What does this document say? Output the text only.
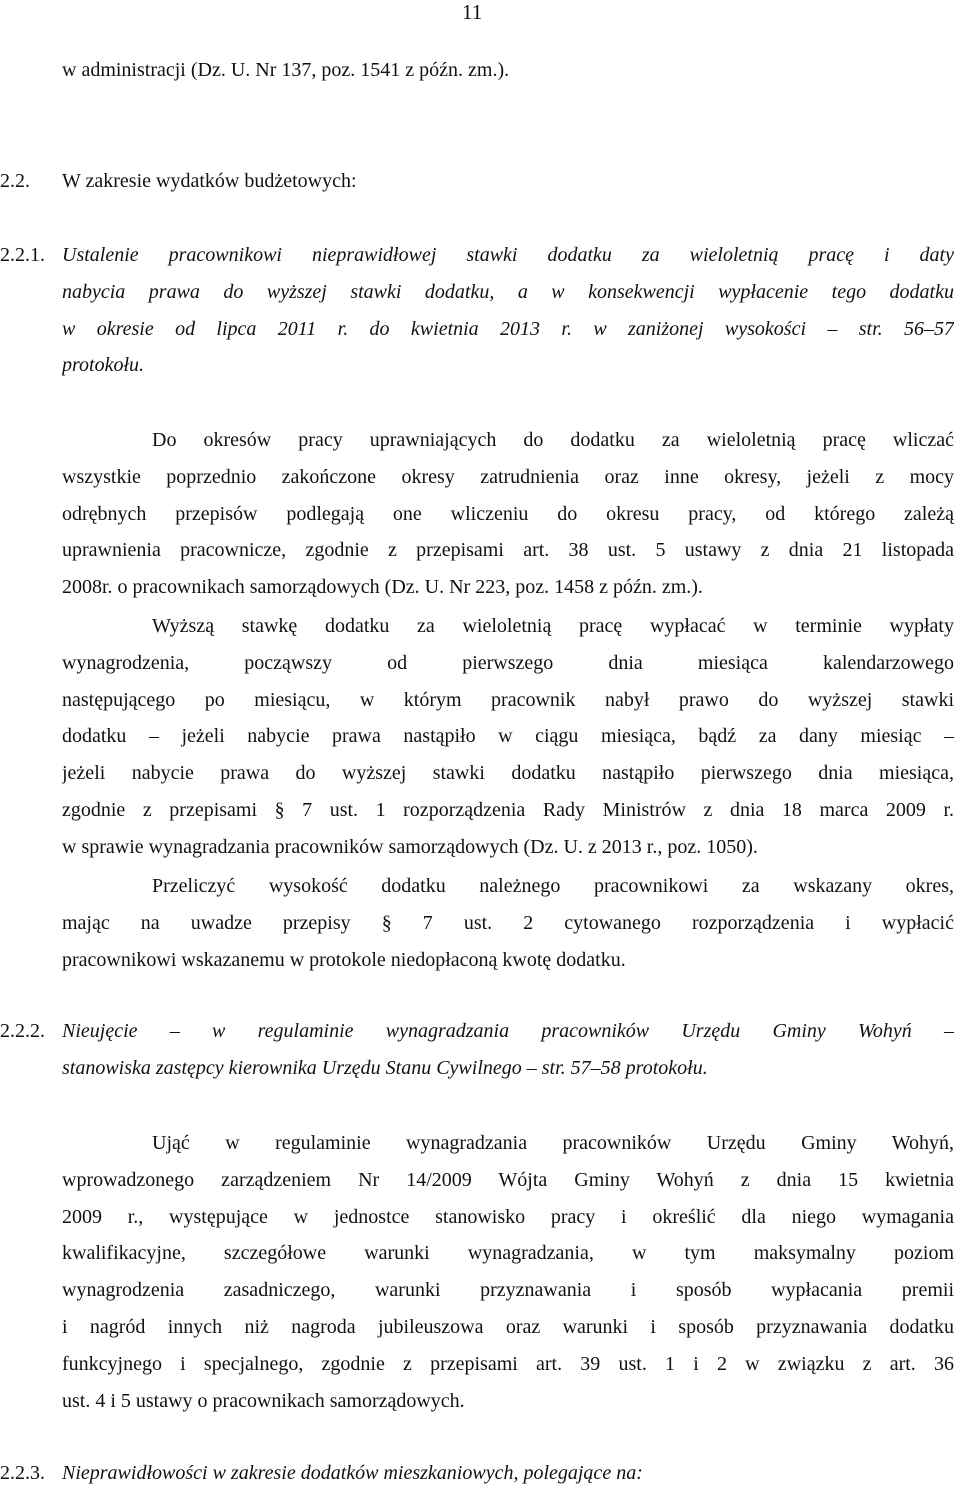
11
w administracji (Dz. U. Nr 137, poz. 1541 z późn. zm.).
2.2. W zakresie wydatków budżetowych:
2.2.1. Ustalenie pracownikowi nieprawidłowej stawki dodatku za wieloletnią pracę i daty
nabycia prawa do wyższej stawki dodatku, a w konsekwencji wypłacenie tego dodatku
w okresie od lipca 2011 r. do kwietnia 2013 r. w zaniżonej wysokości – str. 56–57
protokołu.
Do okresów pracy uprawniających do dodatku za wieloletnią pracę wliczać
wszystkie poprzednio zakończone okresy zatrudnienia oraz inne okresy, jeżeli z mocy
odrębnych przepisów podlegają one wliczeniu do okresu pracy, od którego zależą
uprawnienia pracownicze, zgodnie z przepisami art. 38 ust. 5 ustawy z dnia 21 listopada
2008r. o pracownikach samorządowych (Dz. U. Nr 223, poz. 1458 z późn. zm.).
Wyższą stawkę dodatku za wieloletnią pracę wypłacać w terminie wypłaty
wynagrodzenia, począwszy od pierwszego dnia miesiąca kalendarzowego
następującego po miesiącu, w którym pracownik nabył prawo do wyższej stawki
dodatku – jeżeli nabycie prawa nastąpiło w ciągu miesiąca, bądź za dany miesiąc –
jeżeli nabycie prawa do wyższej stawki dodatku nastąpiło pierwszego dnia miesiąca,
zgodnie z przepisami § 7 ust. 1 rozporządzenia Rady Ministrów z dnia 18 marca 2009 r.
w sprawie wynagradzania pracowników samorządowych (Dz. U. z 2013 r., poz. 1050).
Przeliczyć wysokość dodatku należnego pracownikowi za wskazany okres,
mając na uwadze przepisy § 7 ust. 2 cytowanego rozporządzenia i wypłacić
pracownikowi wskazanemu w protokole niedopłaconą kwotę dodatku.
2.2.2. Nieujęcie – w regulaminie wynagradzania pracowników Urzędu Gminy Wohyń –
stanowiska zastępcy kierownika Urzędu Stanu Cywilnego – str. 57–58 protokołu.
Ująć w regulaminie wynagradzania pracowników Urzędu Gminy Wohyń,
wprowadzonego zarządzeniem Nr 14/2009 Wójta Gminy Wohyń z dnia 15 kwietnia
2009 r., występujące w jednostce stanowisko pracy i określić dla niego wymagania
kwalifikacyjne, szczegółowe warunki wynagradzania, w tym maksymalny poziom
wynagrodzenia zasadniczego, warunki przyznawania i sposób wypłacania premii
i nagród innych niż nagroda jubileuszowa oraz warunki i sposób przyznawania dodatku
funkcyjnego i specjalnego, zgodnie z przepisami art. 39 ust. 1 i 2 w związku z art. 36
ust. 4 i 5 ustawy o pracownikach samorządowych.
2.2.3. Nieprawidłowości w zakresie dodatków mieszkaniowych, polegające na:
